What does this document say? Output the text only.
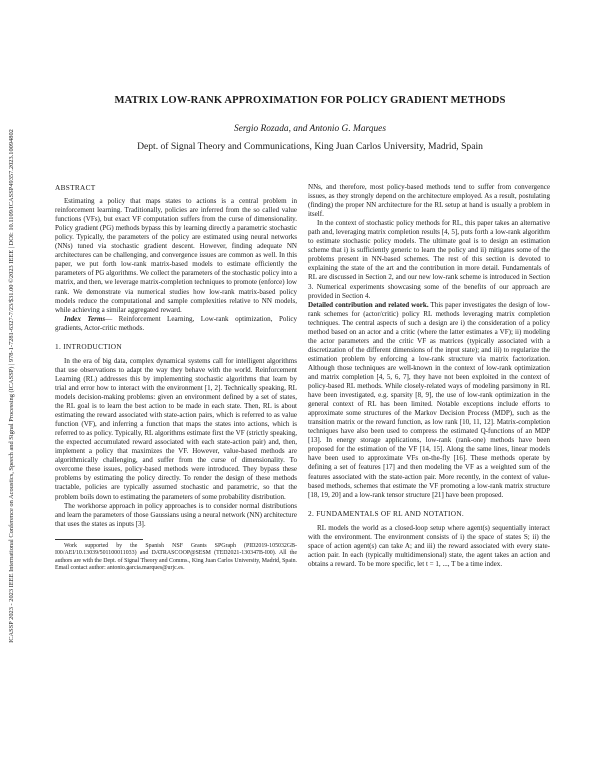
ICASSP 2023 - 2023 IEEE International Conference on Acoustics, Speech and Signal Processing (ICASSP) | 978-1-7281-6327-7/23/$31.00 ©2023 IEEE | DOI: 10.1109/ICASSP49357.2023.10094802
MATRIX LOW-RANK APPROXIMATION FOR POLICY GRADIENT METHODS
Sergio Rozada, and Antonio G. Marques
Dept. of Signal Theory and Communications, King Juan Carlos University, Madrid, Spain

ABSTRACT

Estimating a policy that maps states to actions is a central problem in reinforcement learning. Traditionally, policies are inferred from the so called value functions (VFs), but exact VF computation suffers from the curse of dimensionality. Policy gradient (PG) methods bypass this by learning directly a parametric stochastic policy. Typically, the parameters of the policy are estimated using neural networks (NNs) tuned via stochastic gradient descent. However, finding adequate NN architectures can be challenging, and convergence issues are common as well. In this paper, we put forth low-rank matrix-based models to estimate efficiently the parameters of PG algorithms. We collect the parameters of the stochastic policy into a matrix, and then, we leverage matrix-completion techniques to promote (enforce) low rank. We demonstrate via numerical studies how low-rank matrix-based policy models reduce the computational and sample complexities relative to NN models, while achieving a similar aggregated reward.

Index Terms— Reinforcement Learning, Low-rank optimization, Policy gradients, Actor-critic methods.

1. INTRODUCTION

In the era of big data, complex dynamical systems call for intelligent algorithms that use observations to adapt the way they behave with the world. Reinforcement Learning (RL) addresses this by implementing stochastic algorithms that learn by trial and error how to interact with the environment [1, 2]. Technically speaking, RL models decision-making problems: given an environment defined by a set of states, the RL goal is to learn the best action to be made in each state. Then, RL is about estimating the reward associated with state-action pairs, which is referred to as value function (VF), and inferring a function that maps the states into actions, which is referred to as policy. Typically, RL algorithms estimate first the VF (strictly speaking, the expected accumulated reward associated with each state-action pair) and, then, implement a policy that maximizes the VF. However, value-based methods are algorithmically challenging, and suffer from the curse of dimensionality. To overcome these issues, policy-based methods were introduced. They bypass these problems by estimating the policy directly. To render the design of these methods tractable, policies are typically assumed stochastic and parametric, so that the problem boils down to estimating the parameters of some probability distribution.

The workhorse approach in policy approaches is to consider normal distributions and learn the parameters of those Gaussians using a neural network (NN) architecture that uses the states as inputs [3].

Work supported by the Spanish NSF Grants SPGraph (PID2019-105032GB-I00/AEI/10.13039/501100011033) and DATRASCOOP@SESM (TED2021-130347B-I00). All the authors are with the Dept. of Signal Theory and Comms., King Juan Carlos University, Madrid, Spain. Email contact author: antonio.garcia.marques@urjc.es.

NNs, and therefore, most policy-based methods tend to suffer from convergence issues, as they strongly depend on the architecture employed. As a result, postulating (finding) the proper NN architecture for the RL setup at hand is usually a problem in itself.

In the context of stochastic policy methods for RL, this paper takes an alternative path and, leveraging matrix completion results [4, 5], puts forth a low-rank algorithm to estimate stochastic policy models. The ultimate goal is to design an estimation scheme that i) is sufficiently generic to learn the policy and ii) mitigates some of the problems present in NN-based schemes. The rest of this section is devoted to explaining the state of the art and the contribution in more detail. Fundamentals of RL are discussed in Section 2, and our new low-rank scheme is introduced in Section 3. Numerical experiments showcasing some of the benefits of our approach are provided in Section 4.

Detailed contribution and related work. This paper investigates the design of low-rank schemes for (actor/critic) policy RL methods leveraging matrix completion techniques. The central aspects of such a design are i) the consideration of a policy method based on an actor and a critic (where the latter estimates a VF); ii) modeling the actor parameters and the critic VF as matrices (typically associated with a discretization of the different dimensions of the input state); and iii) to regularize the estimation problem by enforcing a low-rank structure via matrix factorization. Although those techniques are well-known in the context of low-rank optimization and matrix completion [4, 5, 6, 7], they have not been exploited in the context of policy-based RL methods. While closely-related ways of modeling parsimony in RL have been investigated, e.g. sparsity [8, 9], the use of low-rank optimization in the general context of RL has been limited. Notable exceptions include efforts to approximate some structures of the Markov Decision Process (MDP), such as the transition matrix or the reward function, as low rank [10, 11, 12]. Matrix-completion techniques have also been used to compress the estimated Q-functions of an MDP [13]. In energy storage applications, low-rank (rank-one) methods have been proposed for the estimation of the VF [14, 15]. Along the same lines, linear models have been used to approximate VFs on-the-fly [16]. These methods operate by defining a set of features [17] and then modeling the VF as a weighted sum of the features associated with the state-action pair. More recently, in the context of value-based methods, schemes that estimate the VF promoting a low-rank matrix structure [18, 19, 20] and a low-rank tensor structure [21] have been proposed.

2. FUNDAMENTALS OF RL AND NOTATION.

RL models the world as a closed-loop setup where agent(s) sequentially interact with the environment. The environment consists of i) the space of states S; ii) the space of action agent(s) can take A; and iii) the reward associated with every state-action pair. In each (typically multidimensional) state, the agent takes an action and obtains a reward. To be more specific, let t = 1, ..., T be a time index.
